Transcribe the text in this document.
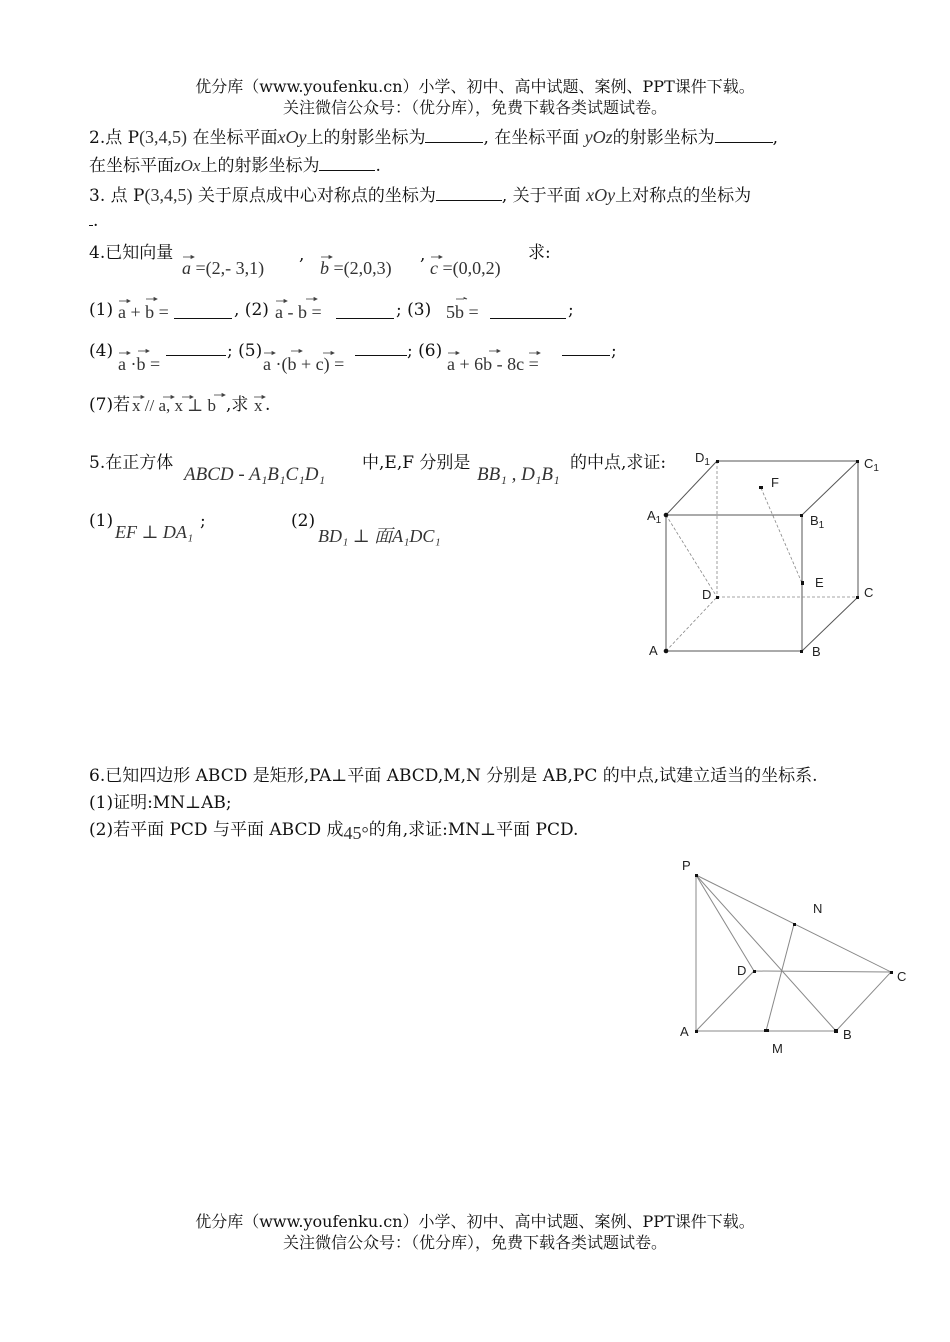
优分库（www.youfenku.cn）小学、初中、高中试题、案例、PPT课件下载。
关注微信公众号：（优分库），免费下载各类试题试卷。
2.点 P(3,4,5) 在坐标平面xOy上的射影坐标为	, 在坐标平面 yOz的射影坐标为	,
在坐标平面zOx上的射影坐标为	.
3. 点 P(3,4,5) 关于原点成中心对称点的坐标为	, 关于平面 xOy上对称点的坐标为
.
4.已知向量
a =(2,- 3,1)
,
b =(2,0,3)
,
c =(0,0,2)
求:
(1) a + b =	, (2) a - b =	; (3) 5b =	;
(4)
a ·b =
; (5)
a ·(b + c) =
; (6)
a + 6b - 8c =
;
(7)若 x // a, x ⊥ b ,求 x .
5.在正方体
ABCD - A₁B₁C₁D₁
中,E,F 分别是
BB₁ , D₁B₁
的中点,求证:
(1)
EF ⊥ DA₁
;	(2)
BD₁ ⊥ 面A₁DC₁
$D_1$	$C_1$
F
$A_1$	$B_1$
E
D	C
A	B
6.已知四边形 ABCD 是矩形,PA⊥平面 ABCD,M,N 分别是 AB,PC 的中点,试建立适当的坐标系.
(1)证明:MN⊥AB;
(2)若平面 PCD 与平面 ABCD 成45°的角,求证:MN⊥平面 PCD.
P
N
D	C
A
M
B
优分库（www.youfenku.cn）小学、初中、高中试题、案例、PPT课件下载。
关注微信公众号：（优分库），免费下载各类试题试卷。
